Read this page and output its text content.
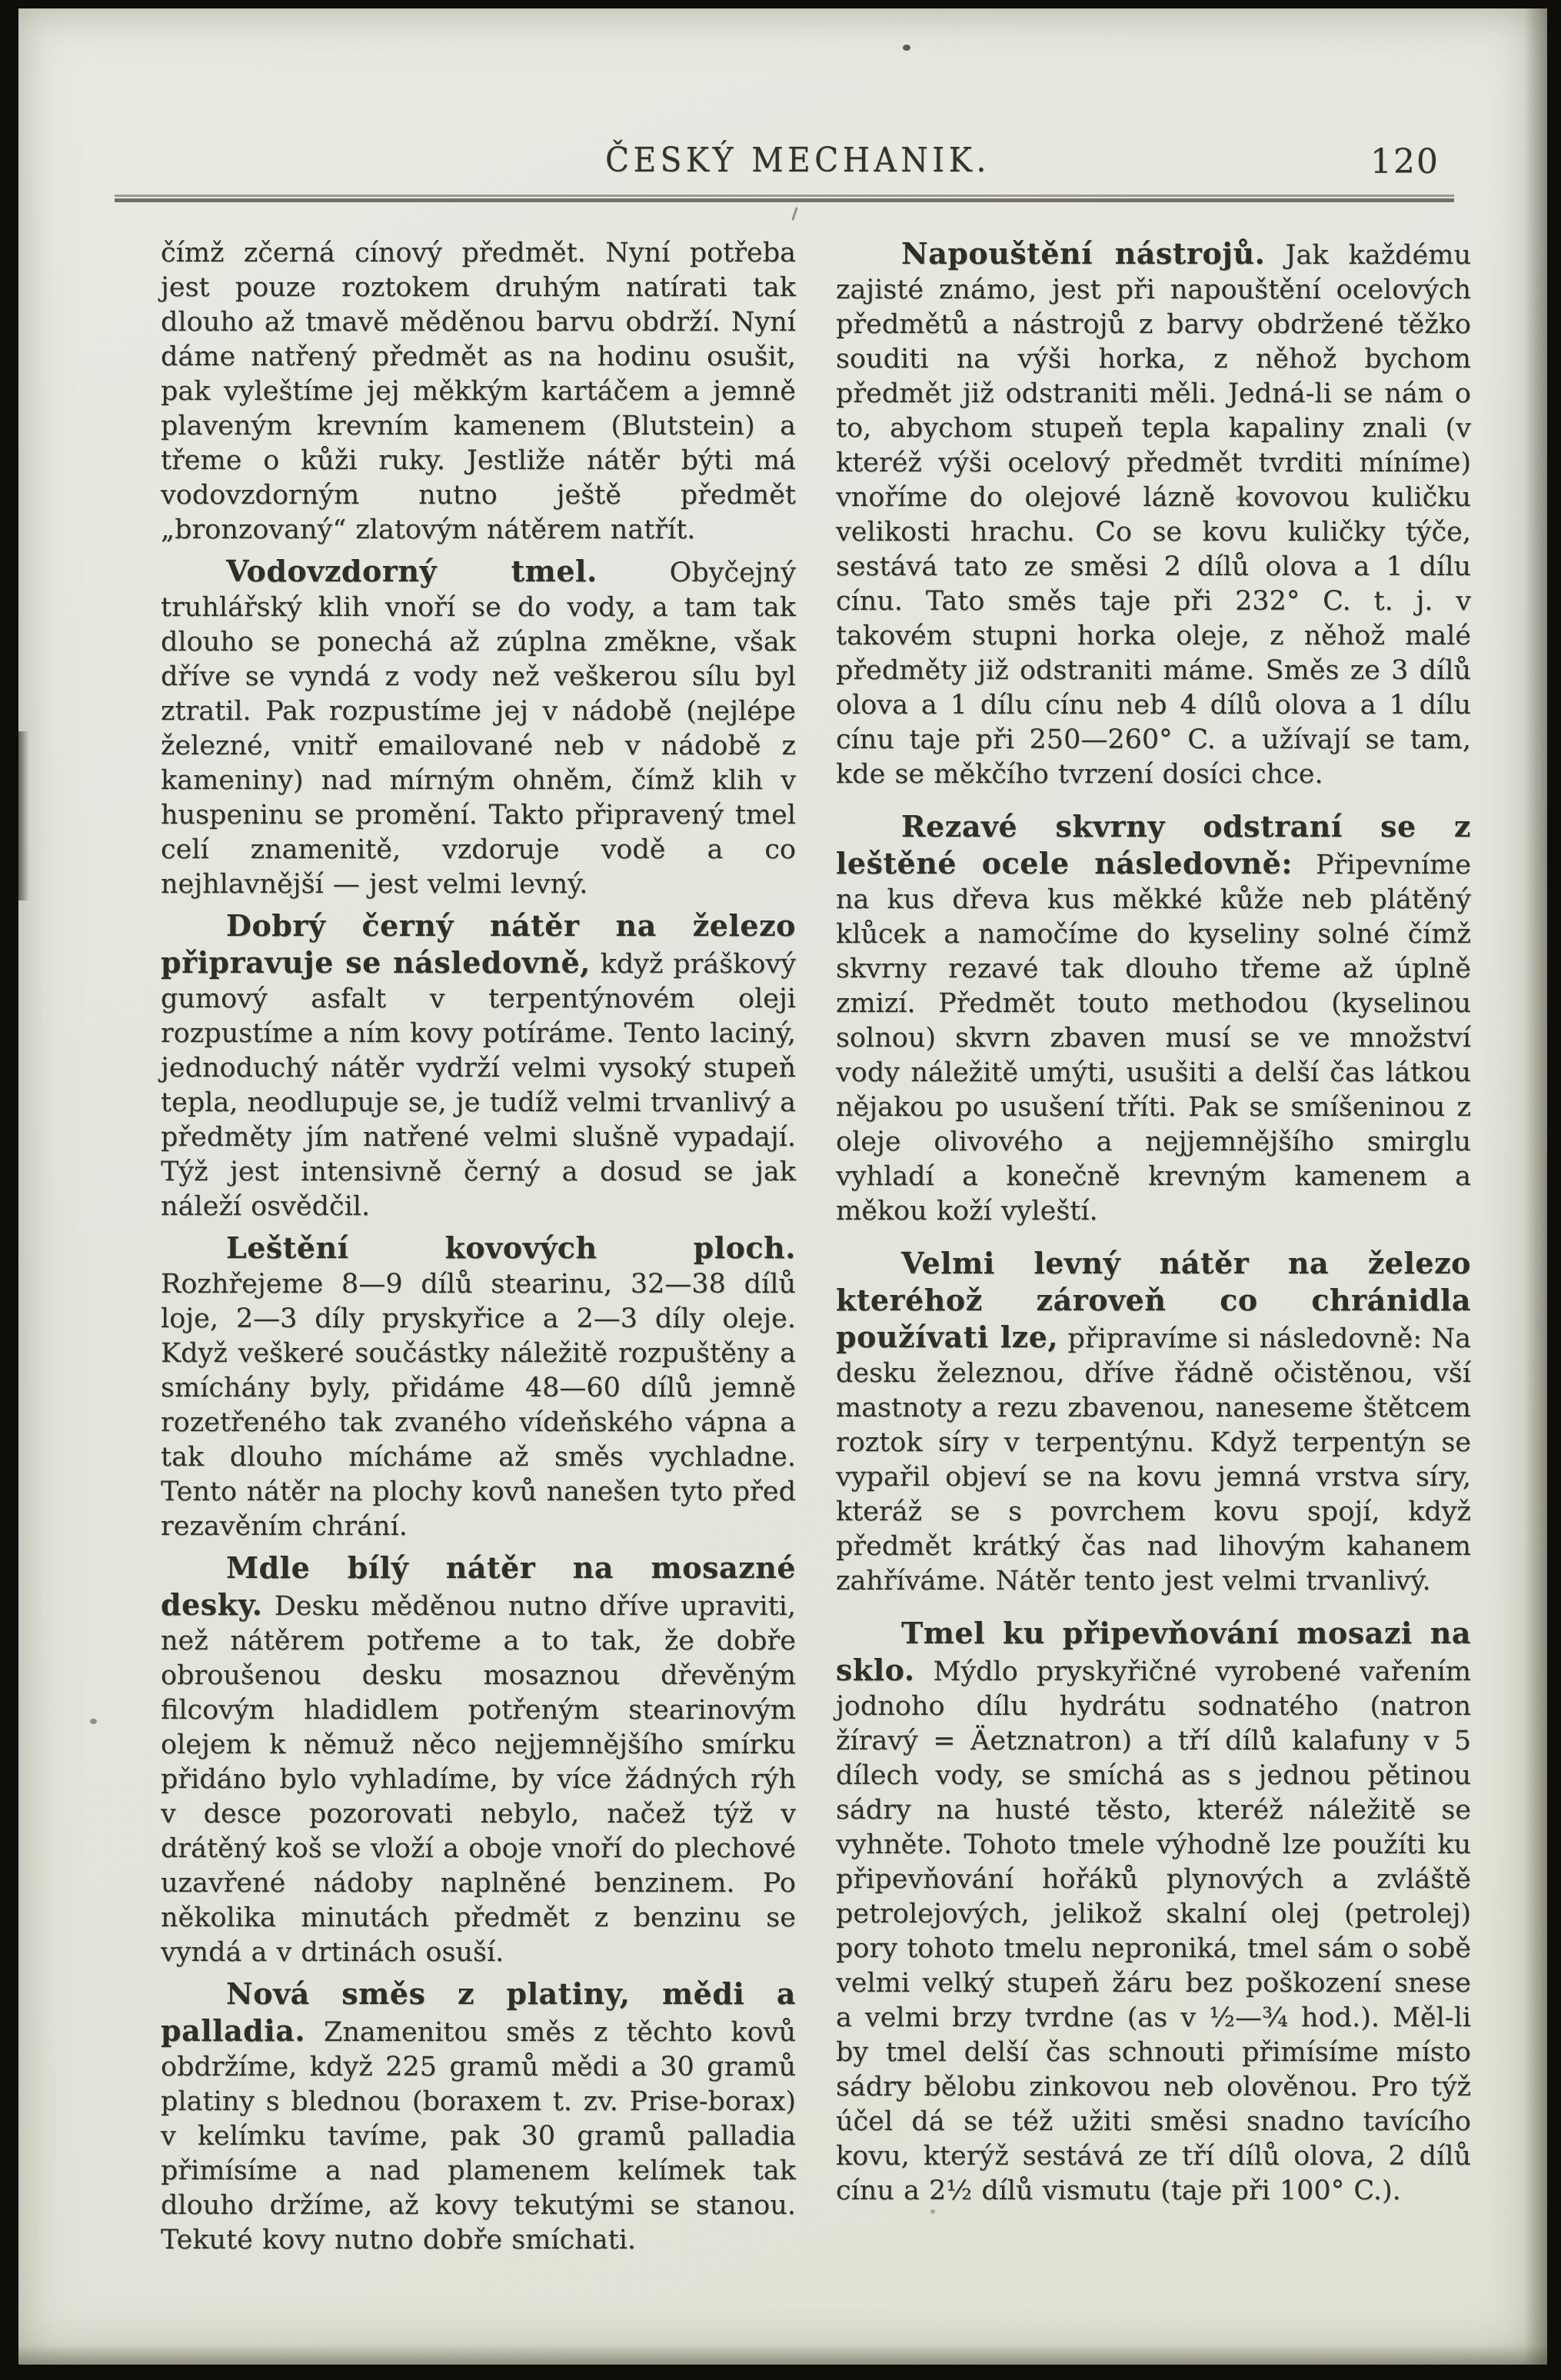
ČESKÝ MECHANIK.	120

čímž zčerná cínový předmět. Nyní potřeba jest pouze roztokem druhým natírati tak dlouho až tmavě měděnou barvu obdrží. Nyní dáme natřený předmět as na hodinu osušit, pak vyleštíme jej měkkým kartáčem a jemně plaveným krevním kamenem (Blutstein) a třeme o kůži ruky. Jestliže nátěr býti má vodovzdorným nutno ještě předmět „bronzovaný“ zlatovým nátěrem natřít.

Vodovzdorný tmel. Obyčejný truhlářský klih vnoří se do vody, a tam tak dlouho se ponechá až zúplna změkne, však dříve se vyndá z vody než veškerou sílu byl ztratil. Pak rozpustíme jej v nádobě (nejlépe železné, vnitř emailované neb v nádobě z kameniny) nad mírným ohněm, čímž klih v huspeninu se promění. Takto připravený tmel celí znamenitě, vzdoruje vodě a co nejhlavnější — jest velmi levný.

Dobrý černý nátěr na železo připravuje se následovně, když práškový gumový asfalt v terpentýnovém oleji rozpustíme a ním kovy potíráme. Tento laciný, jednoduchý nátěr vydrží velmi vysoký stupeň tepla, neodlupuje se, je tudíž velmi trvanlivý a předměty jím natřené velmi slušně vypadají. Týž jest intensivně černý a dosud se jak náleží osvědčil.

Leštění kovových ploch. Rozhřejeme 8—9 dílů stearinu, 32—38 dílů loje, 2—3 díly pryskyřice a 2—3 díly oleje. Když veškeré součástky náležitě rozpuštěny a smíchány byly, přidáme 48—60 dílů jemně rozetřeného tak zvaného vídeňského vápna a tak dlouho mícháme až směs vychladne. Tento nátěr na plochy kovů nanešen tyto před rezavěním chrání.

Mdle bílý nátěr na mosazné desky. Desku měděnou nutno dříve upraviti, než nátěrem potřeme a to tak, že dobře obroušenou desku mosaznou dřevěným filcovým hladidlem potřeným stearinovým olejem k němuž něco nejjemnějšího smírku přidáno bylo vyhladíme, by více žádných rýh v desce pozorovati nebylo, načež týž v drátěný koš se vloží a oboje vnoří do plechové uzavřené nádoby naplněné benzinem. Po několika minutách předmět z benzinu se vyndá a v drtinách osuší.

Nová směs z platiny, mědi a palladia. Znamenitou směs z těchto kovů obdržíme, když 225 gramů mědi a 30 gramů platiny s blednou (boraxem t. zv. Prise-borax) v kelímku tavíme, pak 30 gramů palladia přimísíme a nad plamenem kelímek tak dlouho držíme, až kovy tekutými se stanou. Tekuté kovy nutno dobře smíchati.

Napouštění nástrojů. Jak každému zajisté známo, jest při napouštění ocelových předmětů a nástrojů z barvy obdržené těžko souditi na výši horka, z něhož bychom předmět již odstraniti měli. Jedná-li se nám o to, abychom stupeň tepla kapaliny znali (v kteréž výši ocelový předmět tvrditi míníme) vnoříme do olejové lázně kovovou kuličku velikosti hrachu. Co se kovu kuličky týče, sestává tato ze směsi 2 dílů olova a 1 dílu cínu. Tato směs taje při 232° C. t. j. v takovém stupni horka oleje, z něhož malé předměty již odstraniti máme. Směs ze 3 dílů olova a 1 dílu cínu neb 4 dílů olova a 1 dílu cínu taje při 250—260° C. a užívají se tam, kde se měkčího tvrzení dosíci chce.

Rezavé skvrny odstraní se z leštěné ocele následovně: Připevníme na kus dřeva kus měkké kůže neb plátěný klůcek a namočíme do kyseliny solné čímž skvrny rezavé tak dlouho třeme až úplně zmizí. Předmět touto methodou (kyselinou solnou) skvrn zbaven musí se ve množství vody náležitě umýti, usušiti a delší čas látkou nějakou po usušení tříti. Pak se smíšeninou z oleje olivového a nejjemnějšího smirglu vyhladí a konečně krevným kamenem a měkou koží vyleští.

Velmi levný nátěr na železo kteréhož zároveň co chránidla používati lze, připravíme si následovně: Na desku železnou, dříve řádně očistěnou, vší mastnoty a rezu zbavenou, naneseme štětcem roztok síry v terpentýnu. Když terpentýn se vypařil objeví se na kovu jemná vrstva síry, kteráž se s povrchem kovu spojí, když předmět krátký čas nad lihovým kahanem zahříváme. Nátěr tento jest velmi trvanlivý.

Tmel ku připevňování mosazi na sklo. Mýdlo pryskyřičné vyrobené vařením jodnoho dílu hydrátu sodnatého (natron žíravý = Äetznatron) a tří dílů kalafuny v 5 dílech vody, se smíchá as s jednou pětinou sádry na husté těsto, kteréž náležitě se vyhněte. Tohoto tmele výhodně lze použíti ku připevňování hořáků plynových a zvláště petrolejových, jelikož skalní olej (petrolej) pory tohoto tmelu neproniká, tmel sám o sobě velmi velký stupeň žáru bez poškození snese a velmi brzy tvrdne (as v ½—¾ hod.). Měl-li by tmel delší čas schnouti přimísíme místo sádry bělobu zinkovou neb olověnou. Pro týž účel dá se též užiti směsi snadno tavícího kovu, kterýž sestává ze tří dílů olova, 2 dílů cínu a 2½ dílů vismutu (taje při 100° C.).
